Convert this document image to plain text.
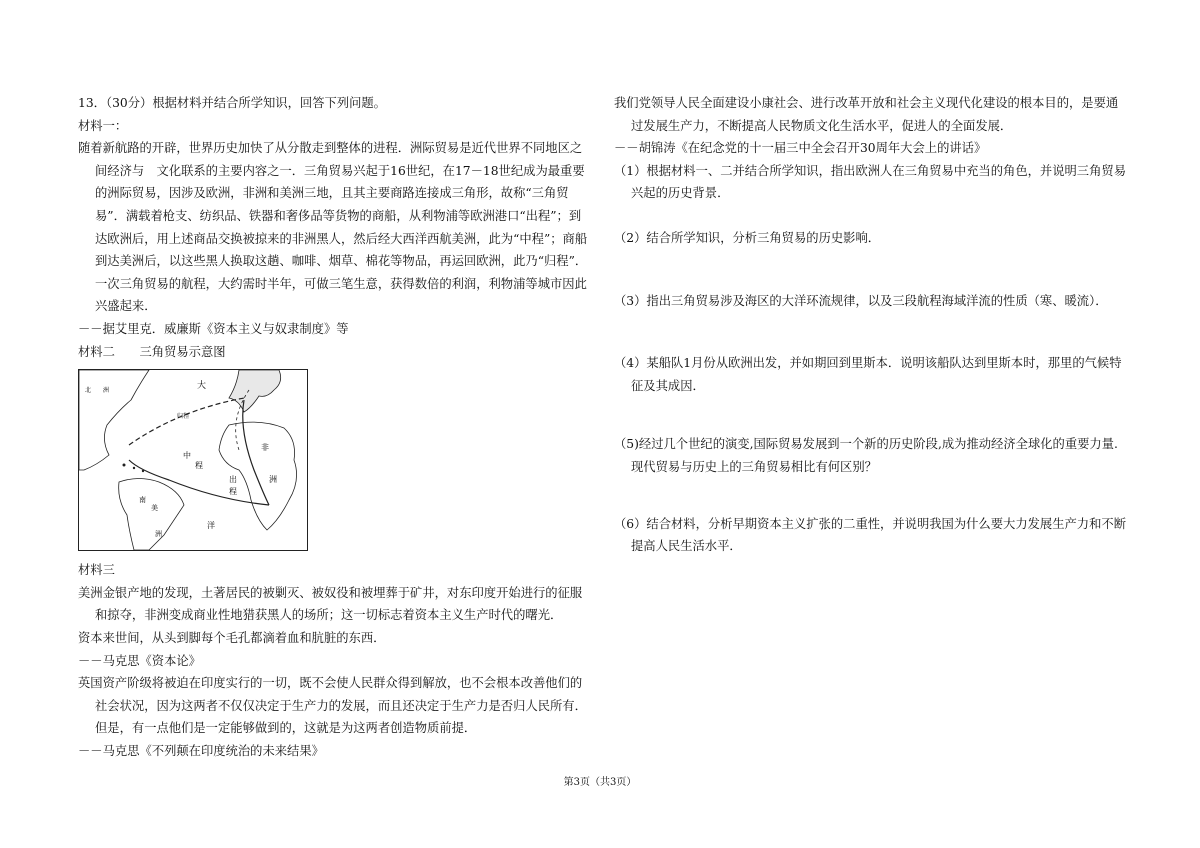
13．（30分）根据材料并结合所学知识，回答下列问题。

材料一：

随着新航路的开辟，世界历史加快了从分散走到整体的进程．洲际贸易是近代世界不同地区之间经济与　文化联系的主要内容之一．三角贸易兴起于16世纪，在17－18世纪成为最重要的洲际贸易，因涉及欧洲，非洲和美洲三地，且其主要商路连接成三角形，故称“三角贸易”．满载着枪支、纺织品、铁器和奢侈品等货物的商船，从利物浦等欧洲港口“出程”；到达欧洲后，用上述商品交换被掠来的非洲黑人，然后经大西洋西航美洲，此为“中程”；商船到达美洲后，以这些黑人换取这趟、咖啡、烟草、棉花等物品，再运回欧洲，此乃“归程”．一次三角贸易的航程，大约需时半年，可做三笔生意，获得数倍的利润，利物浦等城市因此兴盛起来．

－－据艾里克．威廉斯《资本主义与奴隶制度》等

材料二　　三角贸易示意图

北　　洲	大
归程
中
程
出
程
非
洲
南
美
洲
洋

材料三

美洲金银产地的发现，土著居民的被剿灭、被奴役和被埋葬于矿井，对东印度开始进行的征服和掠夺，非洲变成商业性地猎获黑人的场所；这一切标志着资本主义生产时代的曙光．

资本来世间，从头到脚每个毛孔都滴着血和肮脏的东西．

－－马克思《资本论》

英国资产阶级将被迫在印度实行的一切，既不会使人民群众得到解放，也不会根本改善他们的社会状况，因为这两者不仅仅决定于生产力的发展，而且还决定于生产力是否归人民所有．但是，有一点他们是一定能够做到的，这就是为这两者创造物质前提．

－－马克思《不列颠在印度统治的未来结果》

我们党领导人民全面建设小康社会、进行改革开放和社会主义现代化建设的根本目的，是要通过发展生产力，不断提高人民物质文化生活水平，促进人的全面发展．

－－胡锦涛《在纪念党的十一届三中全会召开30周年大会上的讲话》

（1）根据材料一、二并结合所学知识，指出欧洲人在三角贸易中充当的角色，并说明三角贸易兴起的历史背景．

（2）结合所学知识，分析三角贸易的历史影响．

（3）指出三角贸易涉及海区的大洋环流规律，以及三段航程海域洋流的性质（寒、暖流）．

（4）某船队1月份从欧洲出发，并如期回到里斯本．说明该船队达到里斯本时，那里的气候特征及其成因．

（5)经过几个世纪的演变,国际贸易发展到一个新的历史阶段,成为推动经济全球化的重要力量.现代贸易与历史上的三角贸易相比有何区别？

（6）结合材料，分析早期资本主义扩张的二重性，并说明我国为什么要大力发展生产力和不断提高人民生活水平．

第3页（共3页）
